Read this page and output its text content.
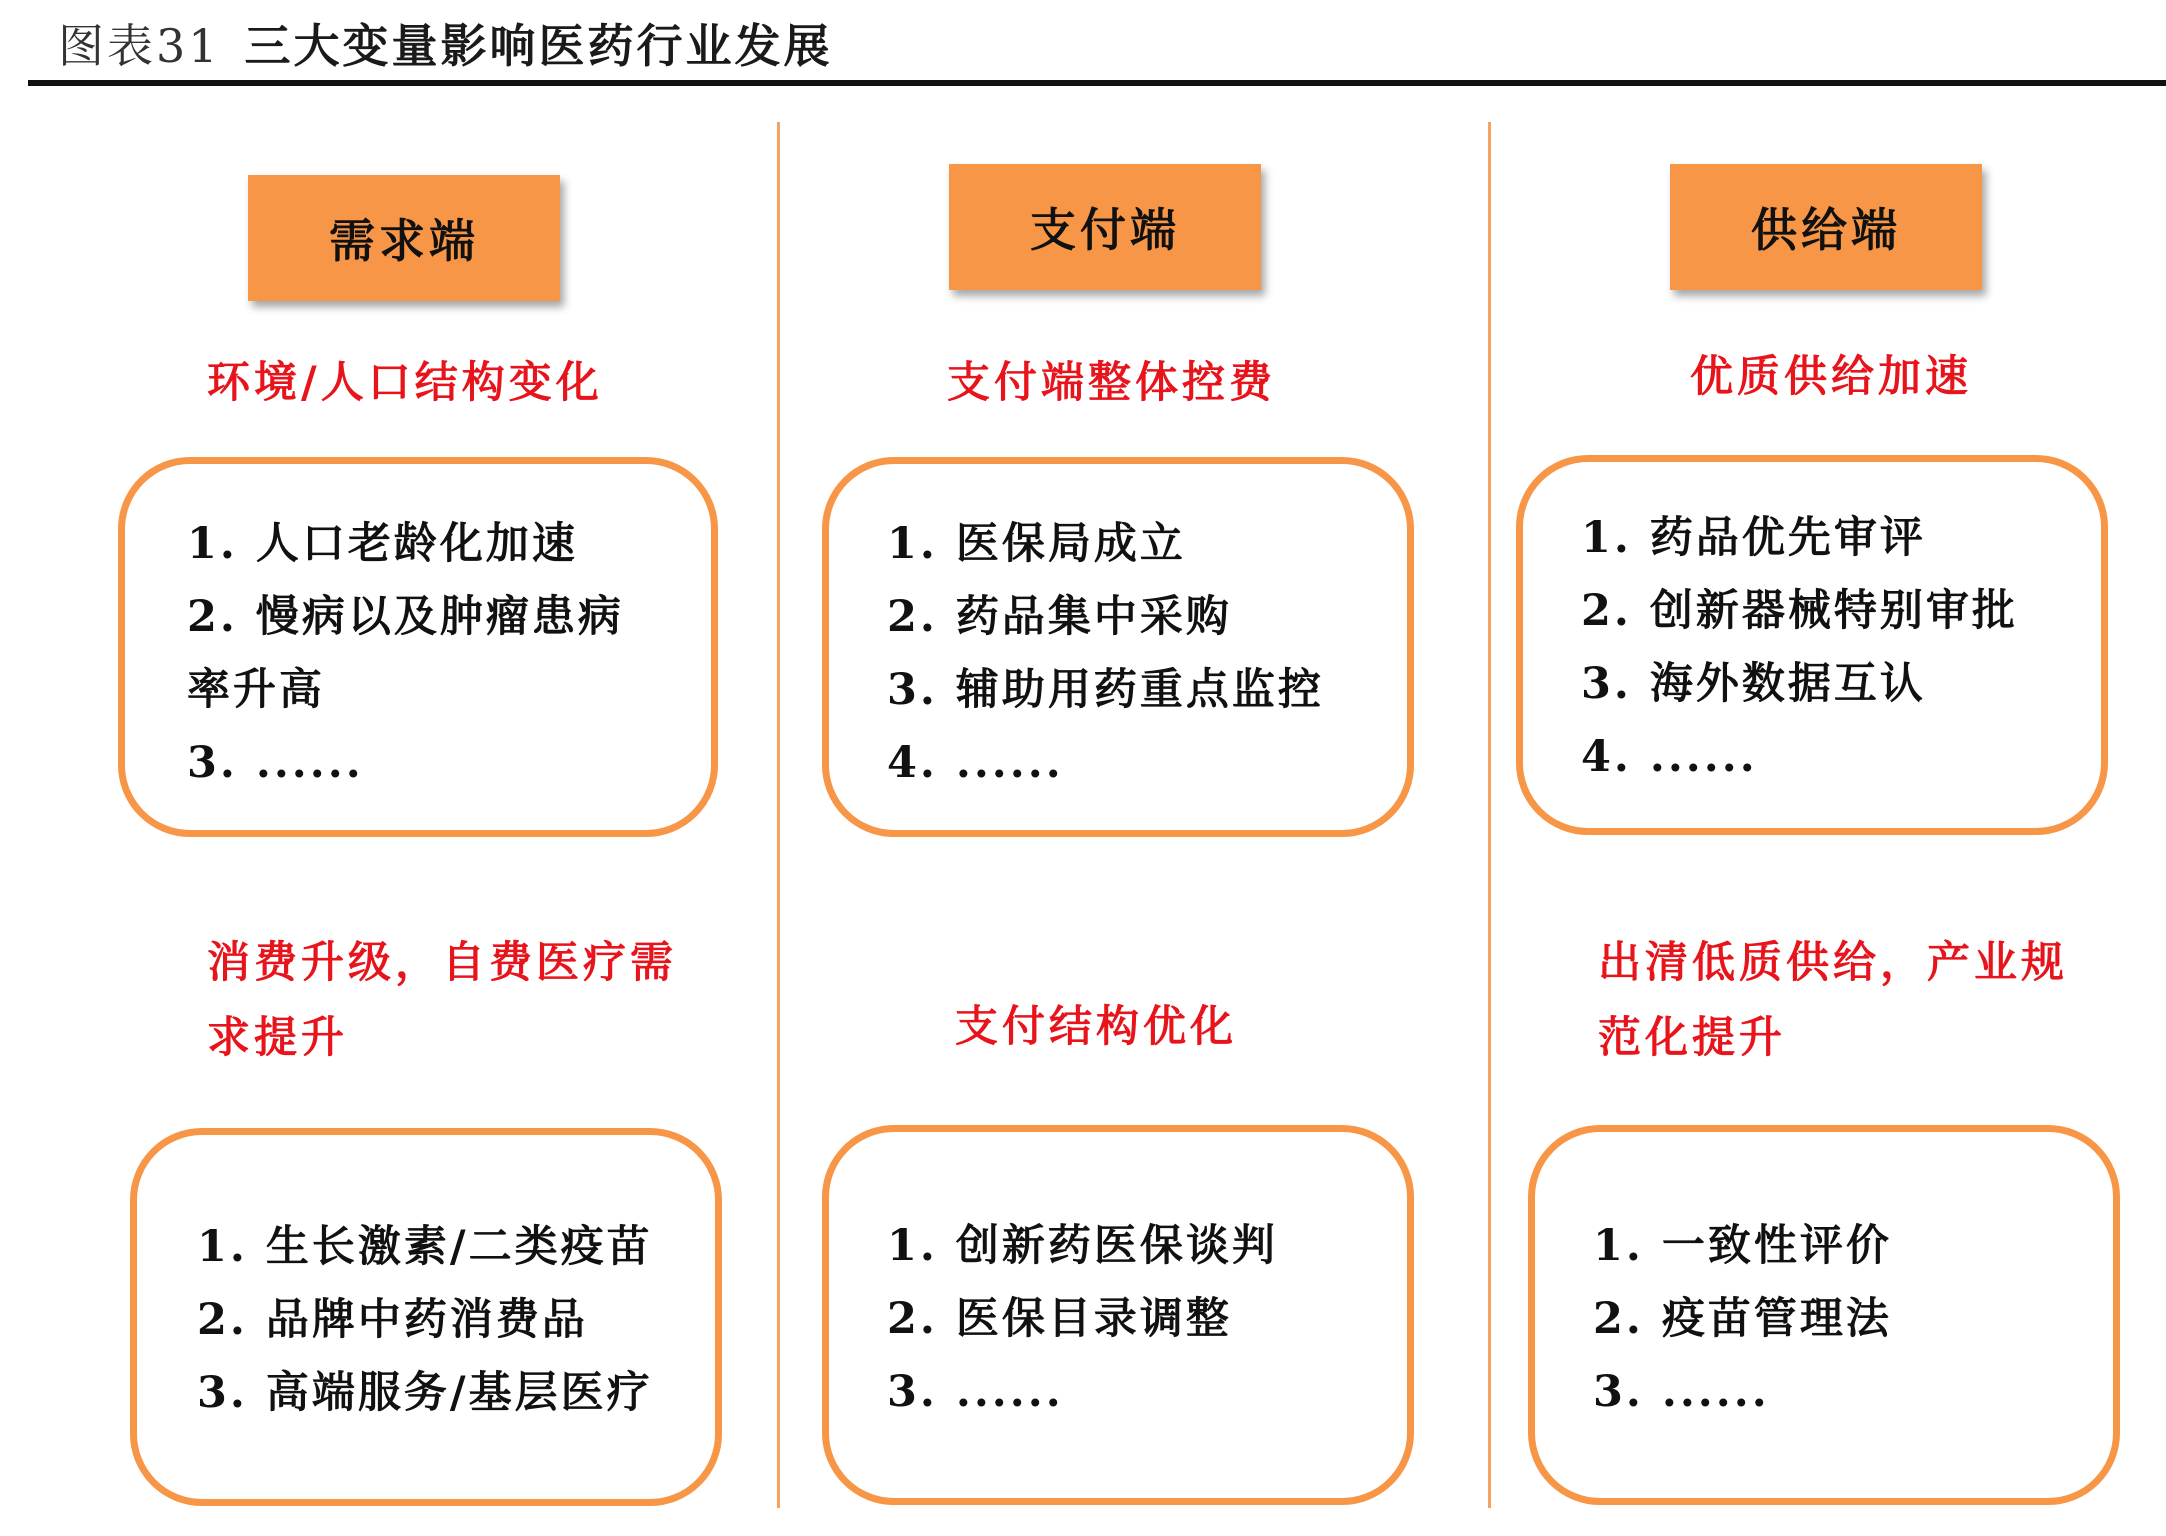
图表31 三大变量影响医药行业发展
需求端
环境/人口结构变化
1. 人口老龄化加速
2. 慢病以及肿瘤患病率升高
3. ......
消费升级，自费医疗需求提升
1. 生长激素/二类疫苗
2. 品牌中药消费品
3. 高端服务/基层医疗
支付端
支付端整体控费
1. 医保局成立
2. 药品集中采购
3. 辅助用药重点监控
4. ......
支付结构优化
1. 创新药医保谈判
2. 医保目录调整
3. ......
供给端
优质供给加速
1. 药品优先审评
2. 创新器械特别审批
3. 海外数据互认
4. ......
出清低质供给，产业规范化提升
1. 一致性评价
2. 疫苗管理法
3. ......
